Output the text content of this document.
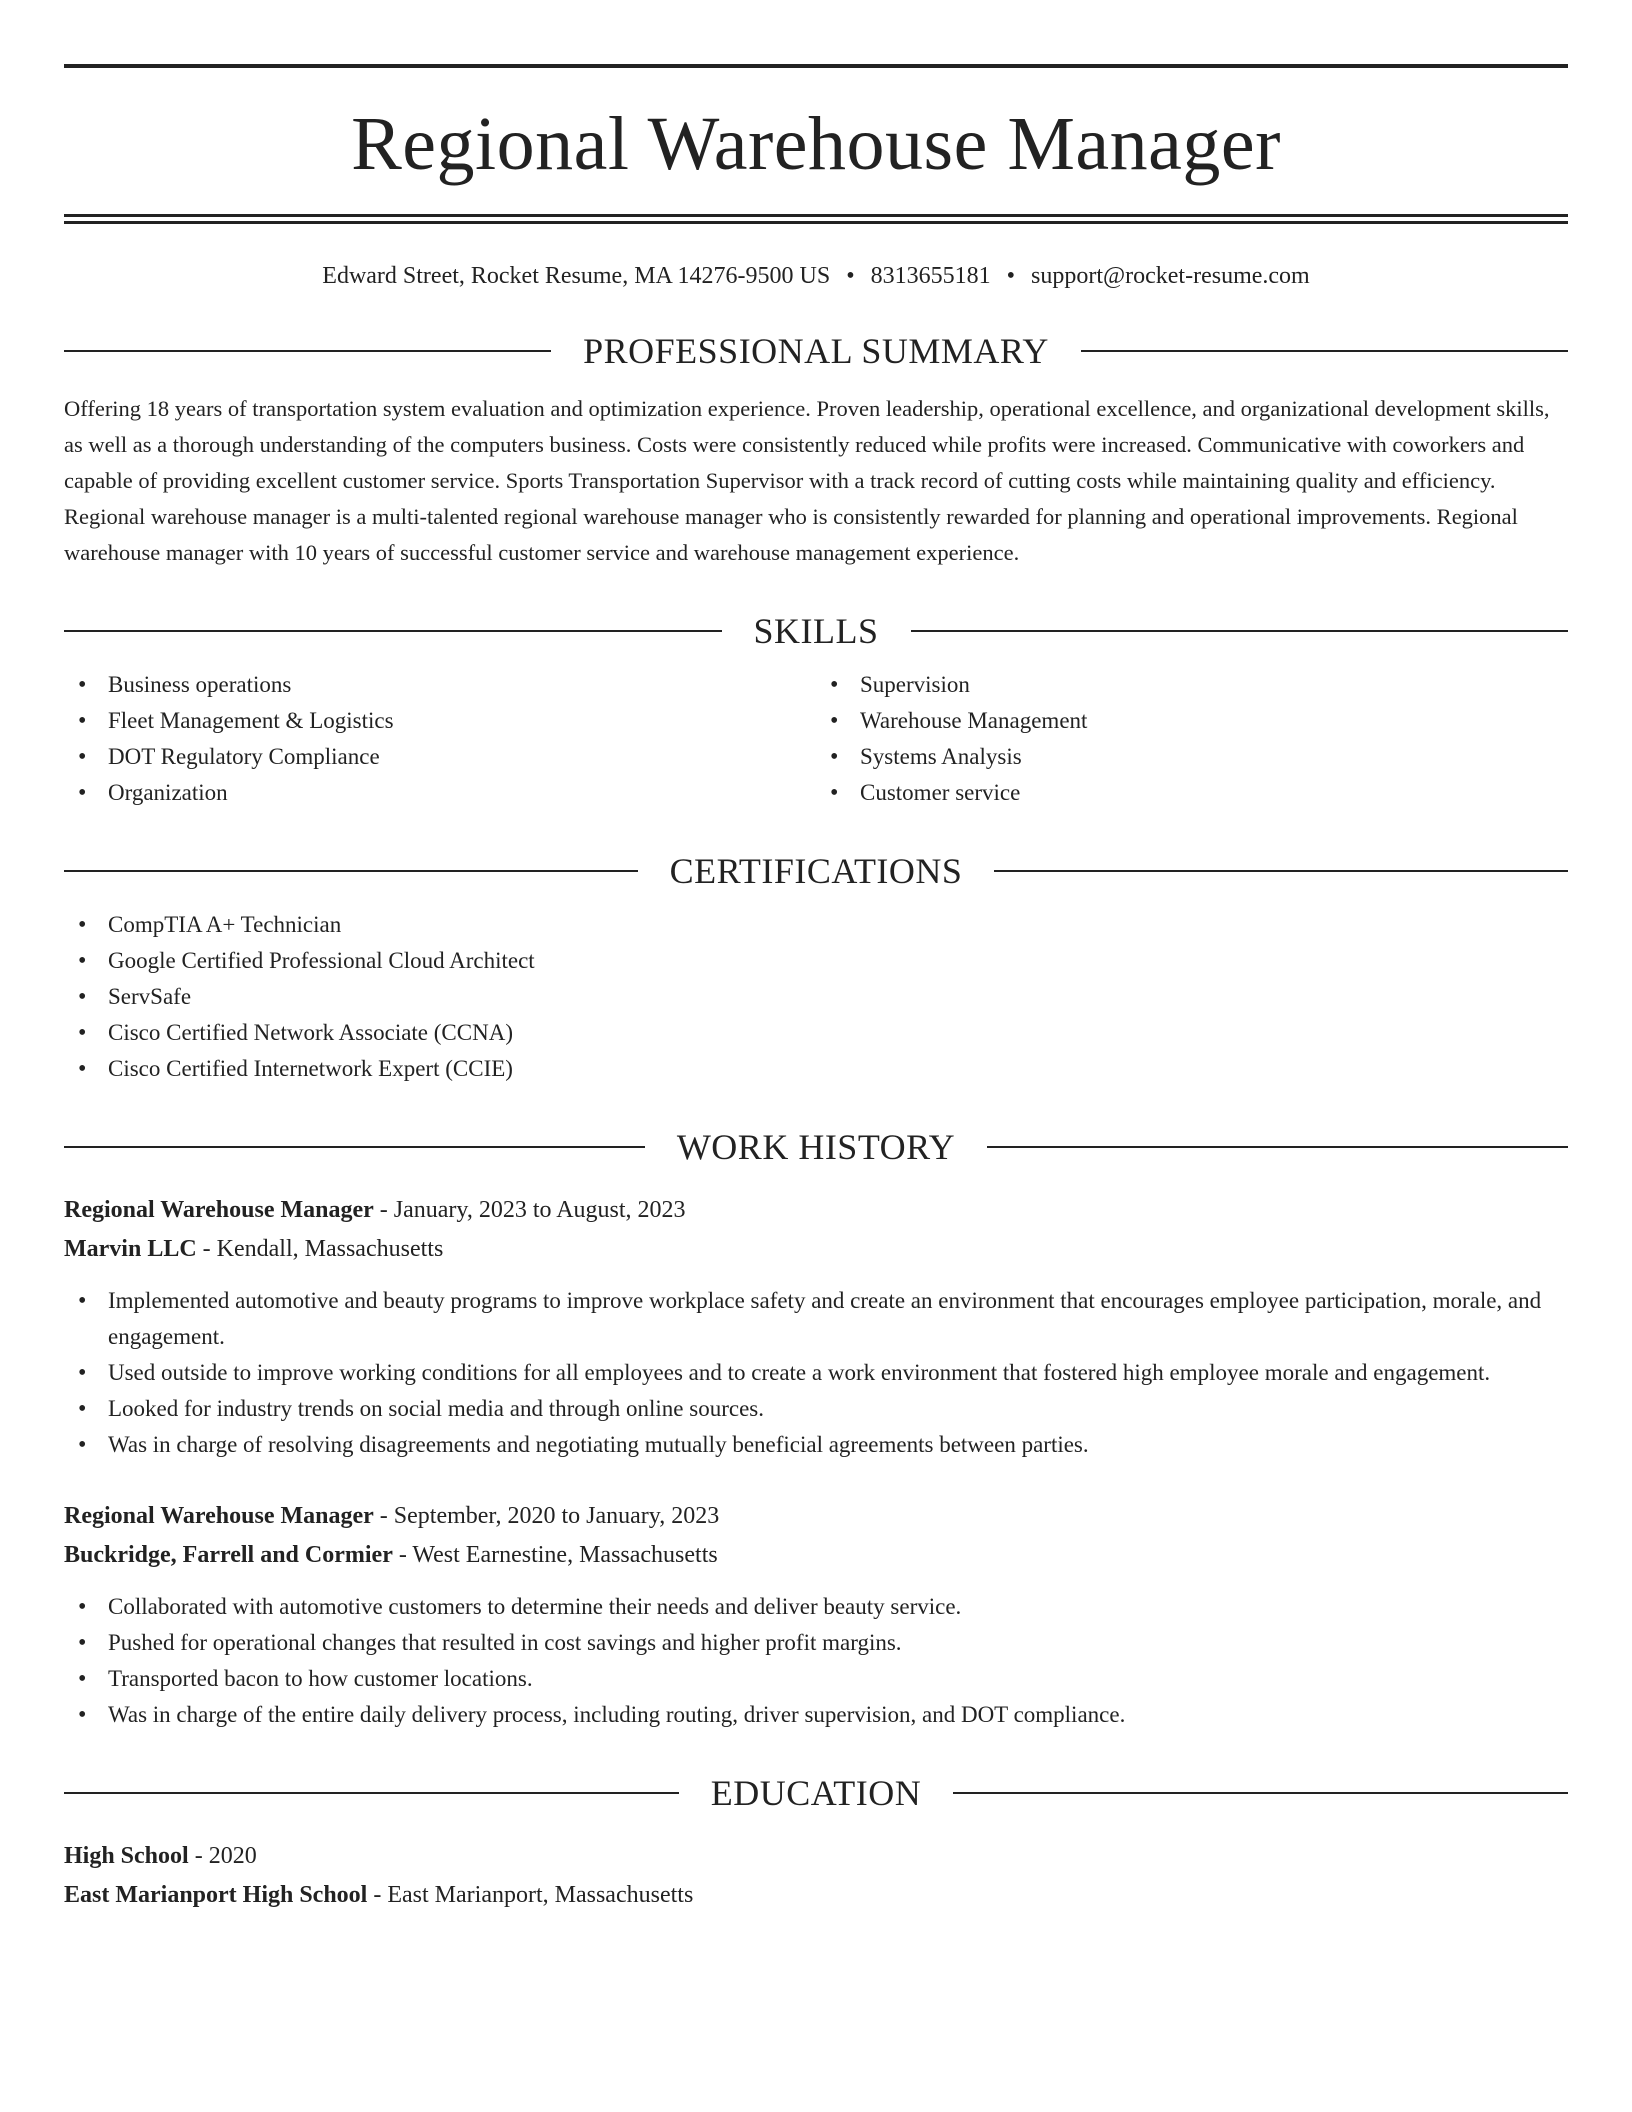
Regional Warehouse Manager
Edward Street, Rocket Resume, MA 14276-9500 US • 8313655181 • support@rocket-resume.com
PROFESSIONAL SUMMARY

Offering 18 years of transportation system evaluation and optimization experience. Proven leadership, operational excellence, and organizational development skills, as well as a thorough understanding of the computers business. Costs were consistently reduced while profits were increased. Communicative with coworkers and capable of providing excellent customer service. Sports Transportation Supervisor with a track record of cutting costs while maintaining quality and efficiency. Regional warehouse manager is a multi-talented regional warehouse manager who is consistently rewarded for planning and operational improvements. Regional warehouse manager with 10 years of successful customer service and warehouse management experience.

SKILLS
• Business operations
• Fleet Management & Logistics
• DOT Regulatory Compliance
• Organization
• Supervision
• Warehouse Management
• Systems Analysis
• Customer service
CERTIFICATIONS
• CompTIA A+ Technician
• Google Certified Professional Cloud Architect
• ServSafe
• Cisco Certified Network Associate (CCNA)
• Cisco Certified Internetwork Expert (CCIE)
WORK HISTORY
Regional Warehouse Manager - January, 2023 to August, 2023
Marvin LLC - Kendall, Massachusetts
• Implemented automotive and beauty programs to improve workplace safety and create an environment that encourages employee participation, morale, and engagement.
• Used outside to improve working conditions for all employees and to create a work environment that fostered high employee morale and engagement.
• Looked for industry trends on social media and through online sources.
• Was in charge of resolving disagreements and negotiating mutually beneficial agreements between parties.
Regional Warehouse Manager - September, 2020 to January, 2023
Buckridge, Farrell and Cormier - West Earnestine, Massachusetts
• Collaborated with automotive customers to determine their needs and deliver beauty service.
• Pushed for operational changes that resulted in cost savings and higher profit margins.
• Transported bacon to how customer locations.
• Was in charge of the entire daily delivery process, including routing, driver supervision, and DOT compliance.
EDUCATION
High School - 2020
East Marianport High School - East Marianport, Massachusetts
